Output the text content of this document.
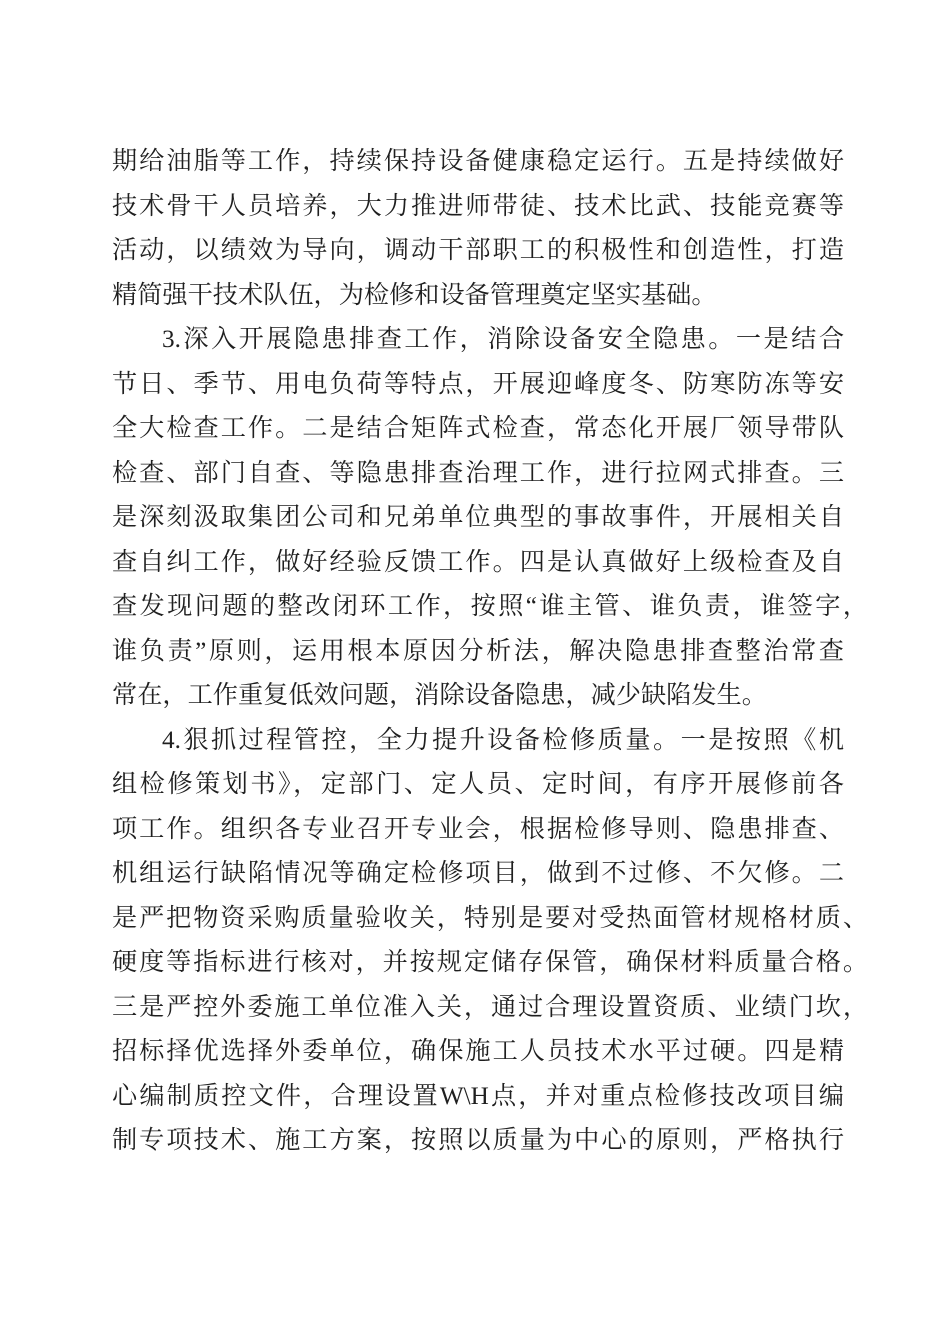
期给油脂等工作，持续保持设备健康稳定运行。五是持续做好
技术骨干人员培养，大力推进师带徒、技术比武、技能竞赛等
活动，以绩效为导向，调动干部职工的积极性和创造性，打造
精简强干技术队伍，为检修和设备管理奠定坚实基础。
3.深入开展隐患排查工作，消除设备安全隐患。一是结合
节日、季节、用电负荷等特点，开展迎峰度冬、防寒防冻等安
全大检查工作。二是结合矩阵式检查，常态化开展厂领导带队
检查、部门自查、等隐患排查治理工作，进行拉网式排查。三
是深刻汲取集团公司和兄弟单位典型的事故事件，开展相关自
查自纠工作，做好经验反馈工作。四是认真做好上级检查及自
查发现问题的整改闭环工作，按照“谁主管、谁负责，谁签字，
谁负责”原则，运用根本原因分析法，解决隐患排查整治常查
常在，工作重复低效问题，消除设备隐患，减少缺陷发生。
4.狠抓过程管控，全力提升设备检修质量。一是按照《机
组检修策划书》，定部门、定人员、定时间，有序开展修前各
项工作。组织各专业召开专业会，根据检修导则、隐患排查、
机组运行缺陷情况等确定检修项目，做到不过修、不欠修。二
是严把物资采购质量验收关，特别是要对受热面管材规格材质、
硬度等指标进行核对，并按规定储存保管，确保材料质量合格。
三是严控外委施工单位准入关，通过合理设置资质、业绩门坎，
招标择优选择外委单位，确保施工人员技术水平过硬。四是精
心编制质控文件，合理设置W\H点，并对重点检修技改项目编
制专项技术、施工方案，按照以质量为中心的原则，严格执行
